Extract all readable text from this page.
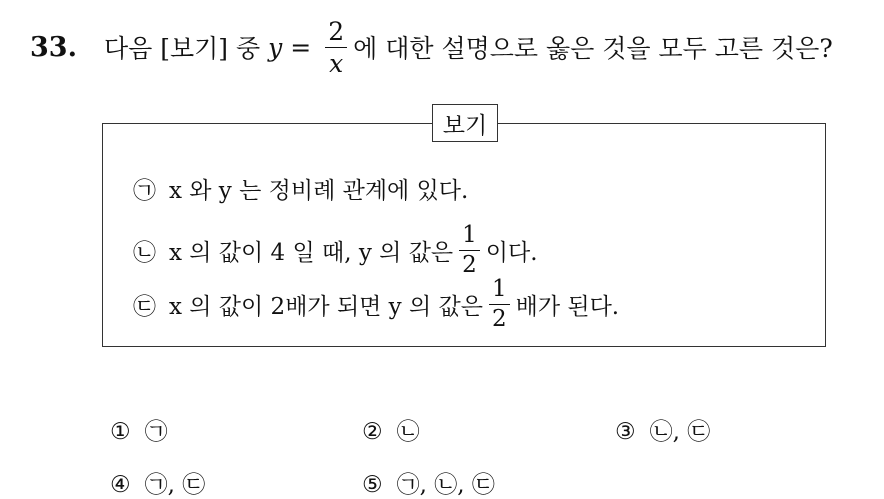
33.	다음 [보기] 중 $y = \frac{2}{x}$ 에 대한 설명으로 옳은 것을 모두 고른 것은?
보기
㉠ x 와 y 는 정비례 관계에 있다.
㉡ x 의 값이 4 일 때, y 의 값은 $\frac{1}{2}$ 이다.
㉢ x 의 값이 2배가 되면 y 의 값은 $\frac{1}{2}$ 배가 된다.
① ㉠	② ㉡	③ ㉡, ㉢
④ ㉠, ㉢	⑤ ㉠, ㉡, ㉢
